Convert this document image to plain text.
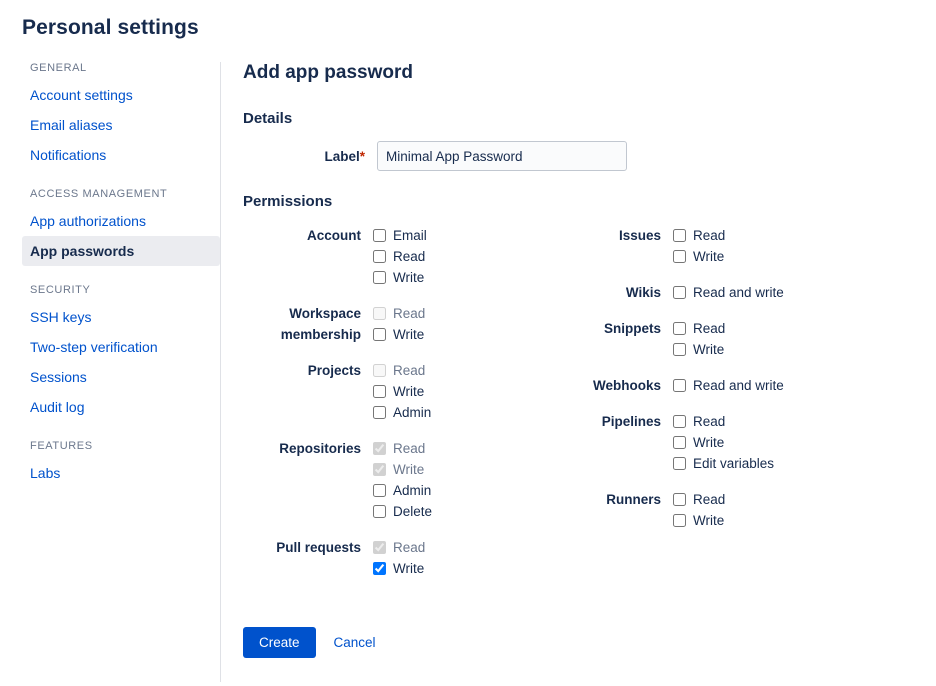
Personal settings
GENERAL
Account settings
Email aliases
Notifications
ACCESS MANAGEMENT
App authorizations
App passwords
SECURITY
SSH keys
Two-step verification
Sessions
Audit log
FEATURES
Labs
Add app password
Details
Label*
Minimal App Password
Permissions
Account Email
Read
Write
Workspace
membership
Read
Write
Projects Read
Write
Admin
Repositories Read
Write
Admin
Delete
Pull requests Read
Write
Issues Read
Write
Wikis Read and write
Snippets Read
Write
Webhooks Read and write
Pipelines Read
Write
Edit variables
Runners Read
Write
Create	Cancel
